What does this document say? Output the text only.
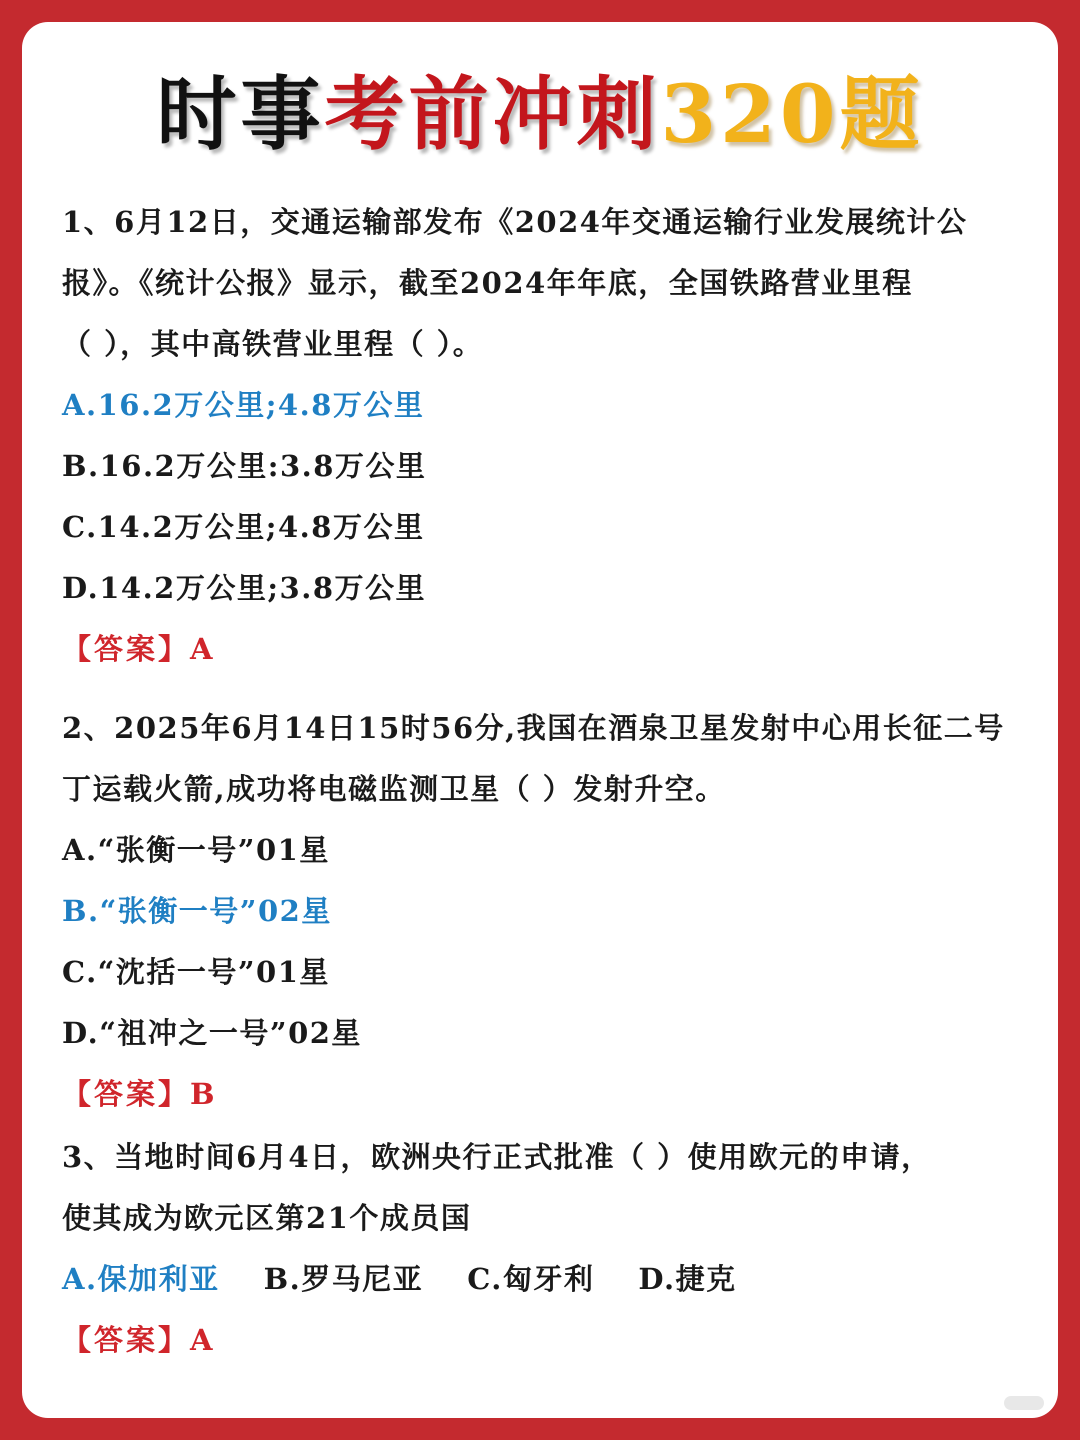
时事考前冲刺320题
1、6月12日，交通运输部发布《2024年交通运输行业发展统计公
报》。《统计公报》显示，截至2024年年底，全国铁路营业里程
（ ），其中高铁营业里程（ ）。
A.16.2万公里;4.8万公里
B.16.2万公里:3.8万公里
C.14.2万公里;4.8万公里
D.14.2万公里;3.8万公里
【答案】A
2、2025年6月14日15时56分,我国在酒泉卫星发射中心用长征二号
丁运载火箭,成功将电磁监测卫星（ ）发射升空。
A.“张衡一号”01星
B.“张衡一号”02星
C.“沈括一号”01星
D.“祖冲之一号”02星
【答案】B
3、当地时间6月4日，欧洲央行正式批准（ ）使用欧元的申请，
使其成为欧元区第21个成员国
A.保加利亚 B.罗马尼亚 C.匈牙利 D.捷克
【答案】A
